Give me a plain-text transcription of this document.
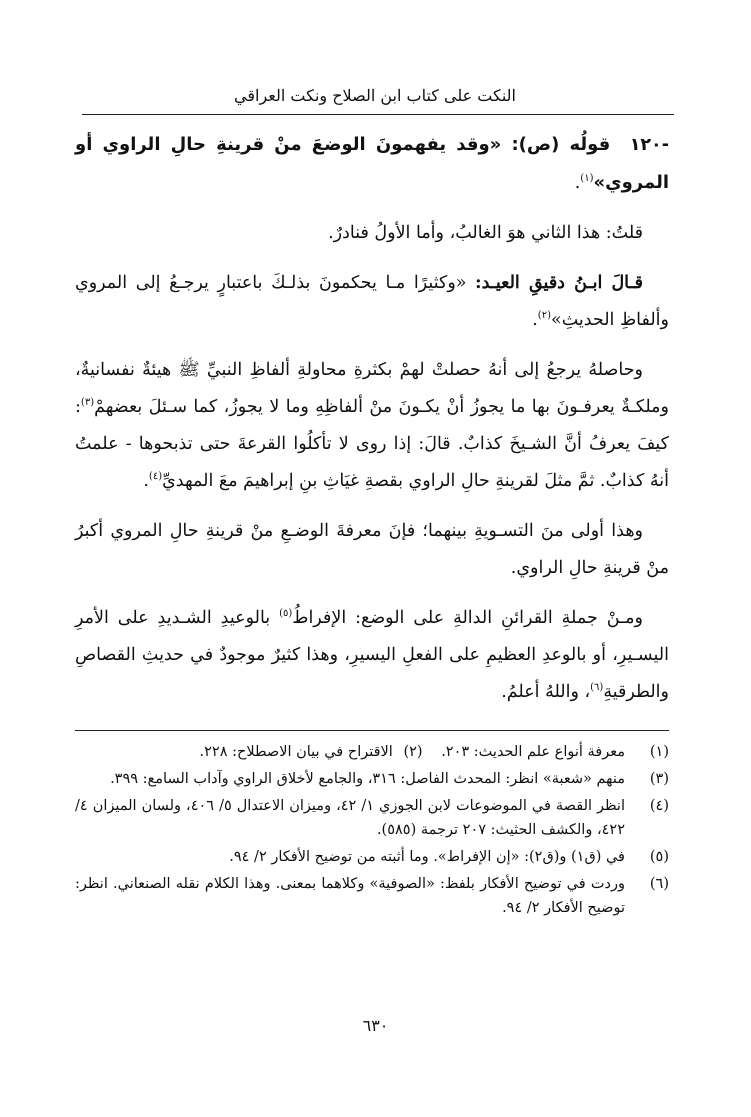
النكت على كتاب ابن الصلاح ونكت العراقي

-١٢٠ قولُه (ص): «وقد يفهمونَ الوضعَ منْ قرينةِ حالِ الراوي أو المروي»$^{(١)}$.

قلتُ: هذا الثاني هوَ الغالبُ، وأما الأولُ فنادرٌ.

قـالَ ابـنُ دقيقِ العيـد: «وكثيرًا مـا يحكمونَ بذلـكَ باعتبارٍ يرجـعُ إلى المروي وألفاظِ الحديثِ»$^{(٢)}$.

وحاصلهُ يرجعُ إلى أنهُ حصلتْ لهمْ بكثرةِ محاولةِ ألفاظِ النبيِّ ﷺ هيئةٌ نفسانيةٌ، وملكـةٌ يعرفـونَ بها ما يجوزُ أنْ يكـونَ منْ ألفاظِهِ وما لا يجوزُ، كما سـئلَ بعضهمْ$^{(٣)}$: كيفَ يعرفُ أنَّ الشـيخَ كذابٌ. قالَ: إذا روى لا تأكلُوا القرعةَ حتى تذبحوها - علمتُ أنهُ كذابٌ. ثمَّ مثلَ لقرينةِ حالِ الراوي بقصةِ غيَاثِ بنِ إبراهيمَ معَ المهديِّ$^{(٤)}$.

وهذا أولى منَ التسـويةِ بينهما؛ فإنَ معرفةَ الوضـعِ منْ قرينةِ حالِ المروي أكبرُ منْ قرينةِ حالِ الراوي.

ومـنْ جملةِ القرائنِ الدالةِ على الوضع: الإفراطُ$^{(٥)}$ بالوعيدِ الشـديدِ على الأمرِ اليسـيرِ، أو بالوعدِ العظيمِ على الفعلِ اليسيرِ، وهذا كثيرٌ موجودٌ في حديثِ القصاصِ والطرقيةِ$^{(٦)}$، واللهُ أعلمُ.

(١)
معرفة أنواع علم الحديث: ٢٠٣. (٢) الاقتراح في بيان الاصطلاح: ٢٢٨.
(٣)
منهم «شعبة» انظر: المحدث الفاصل: ٣١٦، والجامع لأخلاق الراوي وآداب السامع: ٣٩٩.
(٤)
انظر القصة في الموضوعات لابن الجوزي ١/ ٤٢، وميزان الاعتدال ٥/ ٤٠٦، ولسان الميزان ٤/ ٤٢٢، والكشف الحثيث: ٢٠٧ ترجمة (٥٨٥).
(٥)
في (ق١) و(ق٢): «إن الإفراط». وما أثبته من توضيح الأفكار ٢/ ٩٤.
(٦)
وردت في توضيح الأفكار بلفظ: «الصوفية» وكلاهما بمعنى. وهذا الكلام نقله الصنعاني. انظر: توضيح الأفكار ٢/ ٩٤.
٦٣٠
